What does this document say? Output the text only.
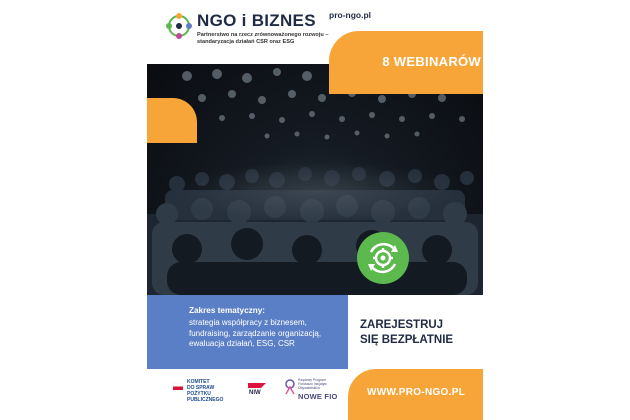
NGO i BIZNES
Partnerstwo na rzecz zrównoważonego rozwoju – standaryzacja działań CSR oraz ESG
pro-ngo.pl
8 WEBINARÓW
Zakres tematyczny:
strategia współpracy z biznesem, fundraising, zarządzanie organizacją, ewaluacja działań, ESG, CSR
ZAREJESTRUJ
SIĘ BEZPŁATNIE
WWW.PRO-NGO.PL
KOMITET
DO SPRAW
POŻYTKU
PUBLICZNEGO
NIW
Rządowy Program Funduszu Inicjatyw Obywatelskich
NOWE FIO
